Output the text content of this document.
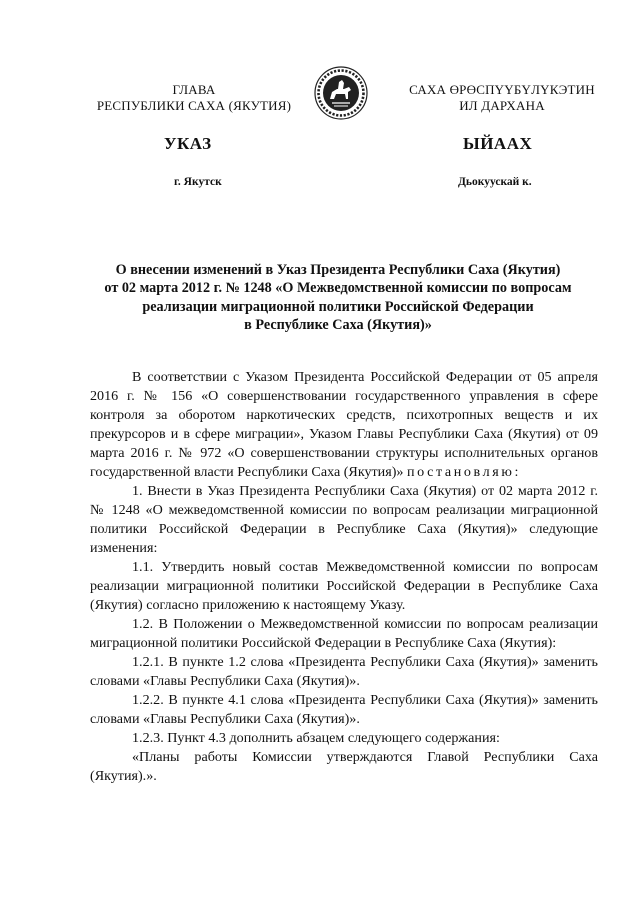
ГЛАВА
РЕСПУБЛИКИ САХА (ЯКУТИЯ)
САХА ӨРӨСПҮҮБҮЛҮКЭТИН
ИЛ ДАРХАНА
УКАЗ	ЫЙААХ
г. Якутск	Дьокуускай к.
О внесении изменений в Указ Президента Республики Саха (Якутия)
от 02 марта 2012 г. № 1248 «О Межведомственной комиссии по вопросам
реализации миграционной политики Российской Федерации
в Республике Саха (Якутия)»

В соответствии с Указом Президента Российской Федерации от 05 апреля 2016 г. № 156 «О совершенствовании государственного управления в сфере контроля за оборотом наркотических средств, психотропных веществ и их прекурсоров и в сфере миграции», Указом Главы Республики Саха (Якутия) от 09 марта 2016 г. № 972 «О совершенствовании структуры исполнительных органов государственной власти Республики Саха (Якутия)» постановляю:

1. Внести в Указ Президента Республики Саха (Якутия) от 02 марта 2012 г. № 1248 «О межведомственной комиссии по вопросам реализации миграционной политики Российской Федерации в Республике Саха (Якутия)» следующие изменения:

1.1. Утвердить новый состав Межведомственной комиссии по вопросам реализации миграционной политики Российской Федерации в Республике Саха (Якутия) согласно приложению к настоящему Указу.

1.2. В Положении о Межведомственной комиссии по вопросам реализации миграционной политики Российской Федерации в Республике Саха (Якутия):

1.2.1. В пункте 1.2 слова «Президента Республики Саха (Якутия)» заменить словами «Главы Республики Саха (Якутия)».

1.2.2. В пункте 4.1 слова «Президента Республики Саха (Якутия)» заменить словами «Главы Республики Саха (Якутия)».

1.2.3. Пункт 4.3 дополнить абзацем следующего содержания:

«Планы работы Комиссии утверждаются Главой Республики Саха (Якутия).».
